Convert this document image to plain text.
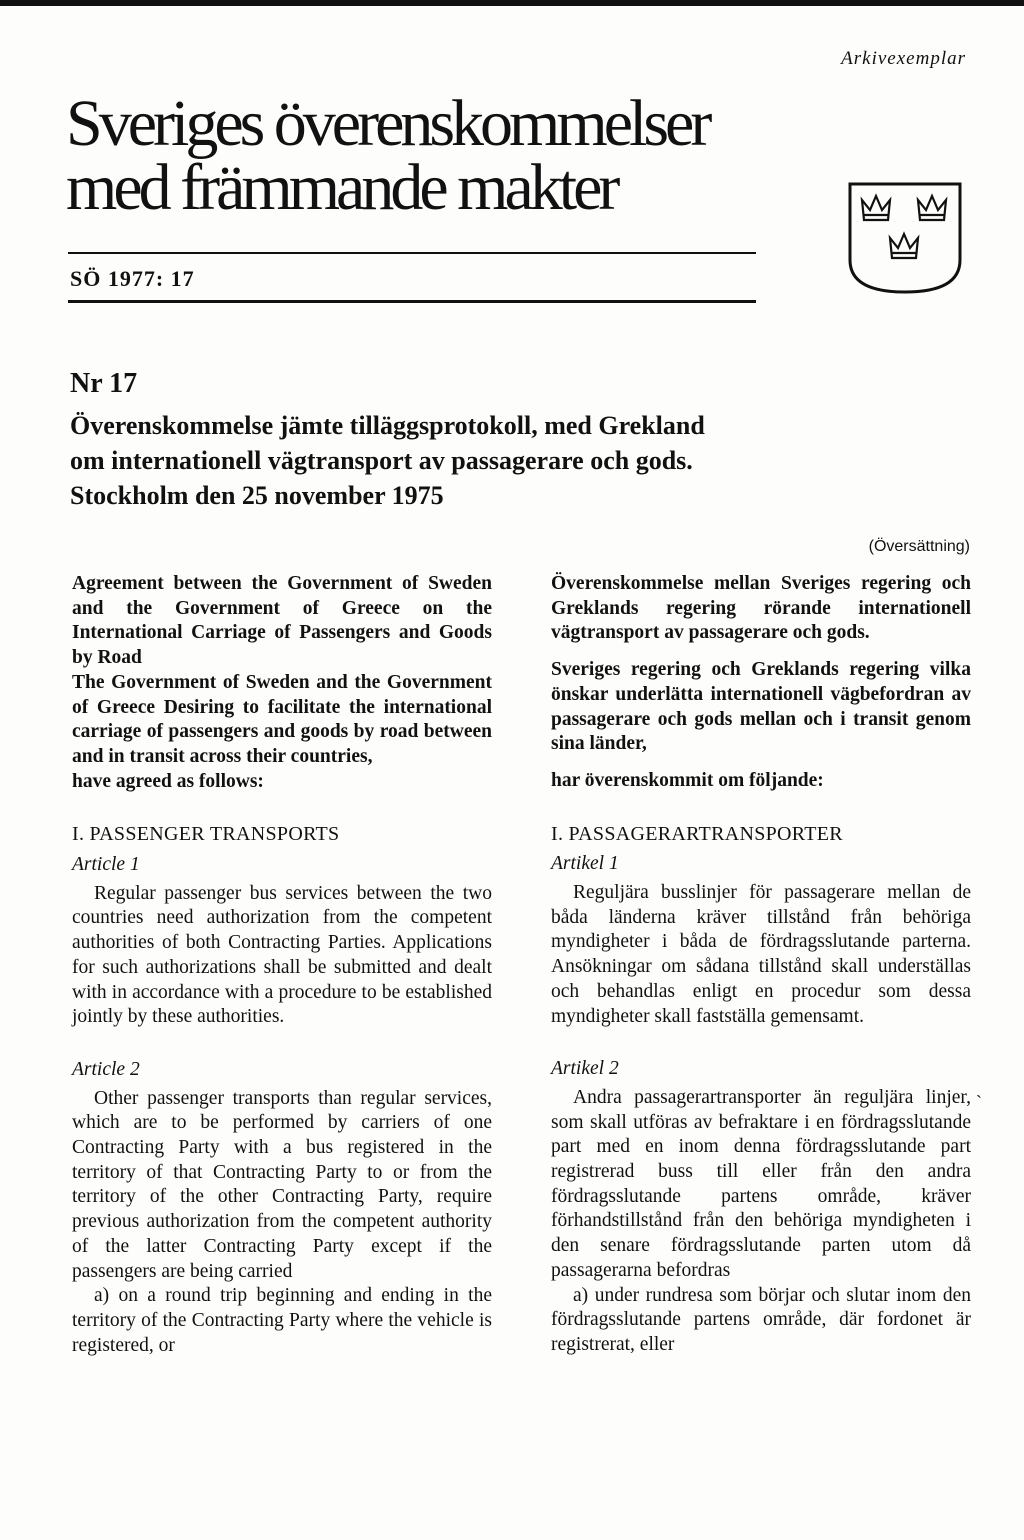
Arkivexemplar
Sveriges överenskommelser
med främmande makter
SÖ 1977: 17
Nr 17
Överenskommelse jämte tilläggsprotokoll, med Grekland
om internationell vägtransport av passagerare och gods.
Stockholm den 25 november 1975
(Översättning)

Agreement between the Government of Sweden and the Government of Greece on the International Carriage of Passengers and Goods by Road

The Government of Sweden and the Government of Greece Desiring to facilitate the international carriage of passengers and goods by road between and in transit across their countries,

have agreed as follows:

I. PASSENGER TRANSPORTS

Article 1

Regular passenger bus services between the two countries need authorization from the competent authorities of both Contracting Parties. Applications for such authorizations shall be submitted and dealt with in accordance with a procedure to be established jointly by these authorities.

Article 2

Other passenger transports than regular services, which are to be performed by carriers of one Contracting Party with a bus registered in the territory of that Contracting Party to or from the territory of the other Contracting Party, require previous authorization from the competent authority of the latter Contracting Party except if the passengers are being carried

a) on a round trip beginning and ending in the territory of the Contracting Party where the vehicle is registered, or

Överenskommelse mellan Sveriges regering och Greklands regering rörande internationell vägtransport av passagerare och gods.

Sveriges regering och Greklands regering vilka önskar underlätta internationell vägbefordran av passagerare och gods mellan och i transit genom sina länder,

har överenskommit om följande:

I. PASSAGERARTRANSPORTER

Artikel 1

Reguljära busslinjer för passagerare mellan de båda länderna kräver tillstånd från behöriga myndigheter i båda de fördragsslutande parterna. Ansökningar om sådana tillstånd skall underställas och behandlas enligt en procedur som dessa myndigheter skall fastställa gemensamt.

Artikel 2

Andra passagerartransporter än reguljära linjer, som skall utföras av befraktare i en fördragsslutande part med en inom denna fördragsslutande part registrerad buss till eller från den andra fördragsslutande partens område, kräver förhandstillstånd från den behöriga myndigheten i den senare fördragsslutande parten utom då passagerarna befordras

a) under rundresa som börjar och slutar inom den fördragsslutande partens område, där fordonet är registrerat, eller

ˎ
